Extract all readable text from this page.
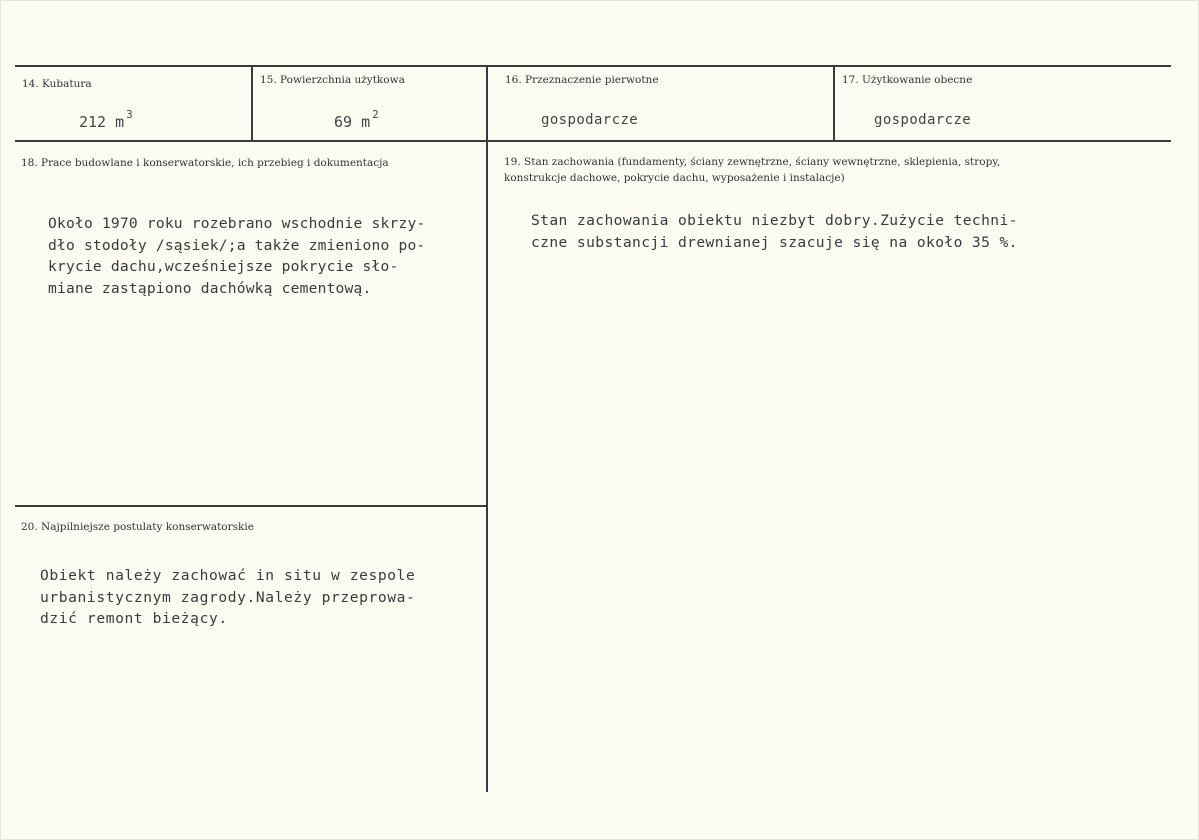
14. Kubatura
212 m $^3$
15. Powierzchnia użytkowa
69 m $^2$
16. Przeznaczenie pierwotne
gospodarcze
17. Użytkowanie obecne
gospodarcze
18. Prace budowlane i konserwatorskie, ich przebieg i dokumentacja
Około 1970 roku rozebrano wschodnie skrzy-
dło stodoły /sąsiek/;a także zmieniono po-
krycie dachu,wcześniejsze pokrycie sło-
miane zastąpiono dachówką cementową.
19. Stan zachowania (fundamenty, ściany zewnętrzne, ściany wewnętrzne, sklepienia, stropy,
konstrukcje dachowe, pokrycie dachu, wyposażenie i instalacje)
Stan zachowania obiektu niezbyt dobry.Zużycie techni-
czne substancji drewnianej szacuje się na około 35 %.
20. Najpilniejsze postulaty konserwatorskie
Obiekt należy zachować in situ w zespole
urbanistycznym zagrody.Należy przeprowa-
dzić remont bieżący.
